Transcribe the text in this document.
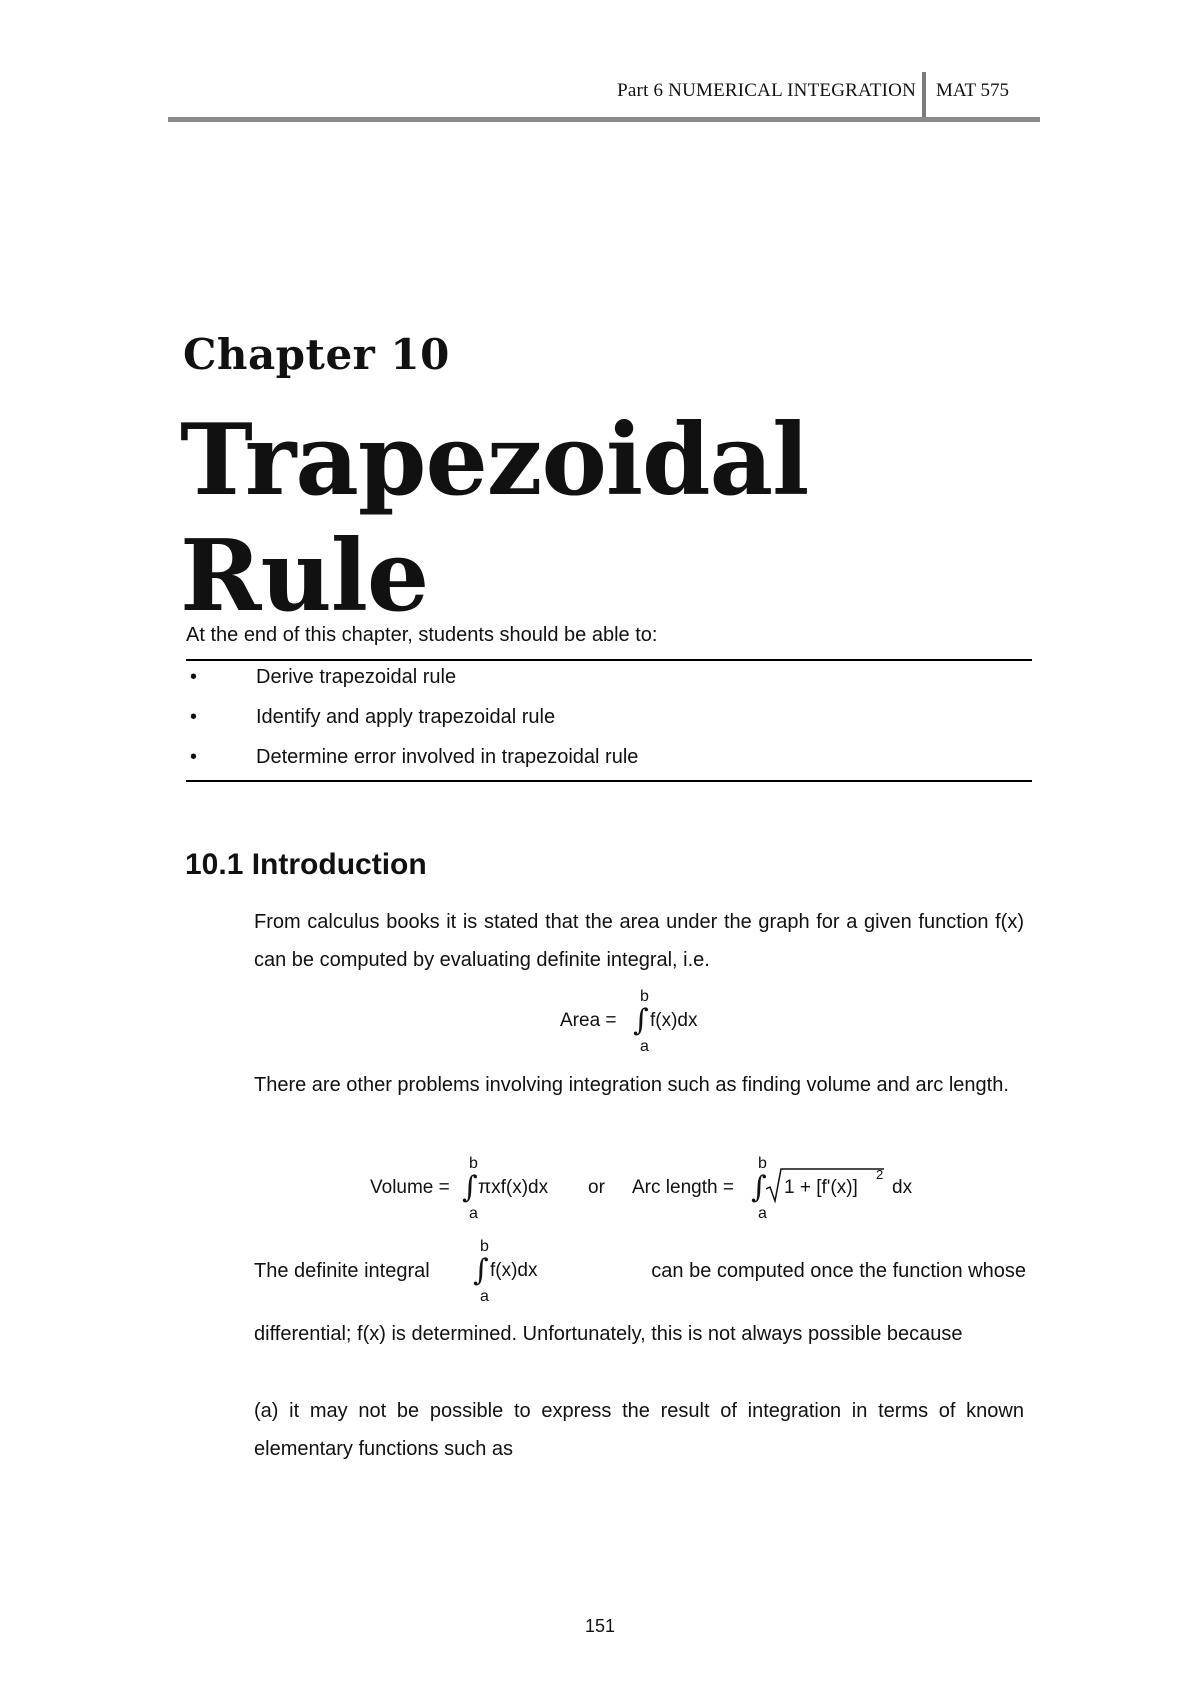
Part 6 NUMERICAL INTEGRATION MAT 575
Chapter 10
Trapezoidal
Rule
At the end of this chapter, students should be able to:
•	Derive trapezoidal rule
•	Identify and apply trapezoidal rule
•	Determine error involved in trapezoidal rule
10.1 Introduction
From calculus books it is stated that the area under the graph for a given function f(x) can be computed by evaluating definite integral, i.e.
Area =
b
∫ f(x)dx
a
There are other problems involving integration such as finding volume and arc length.
Volume =
b
∫ πxf(x)dx
a
or Arc length =
b
∫ 1 + [f'(x)]
2
dx
a
The definite integral
b
∫ f(x)dx
a
can be computed once the function whose
differential; f(x) is determined. Unfortunately, this is not always possible because
(a) it may not be possible to express the result of integration in terms of known elementary functions such as
151
